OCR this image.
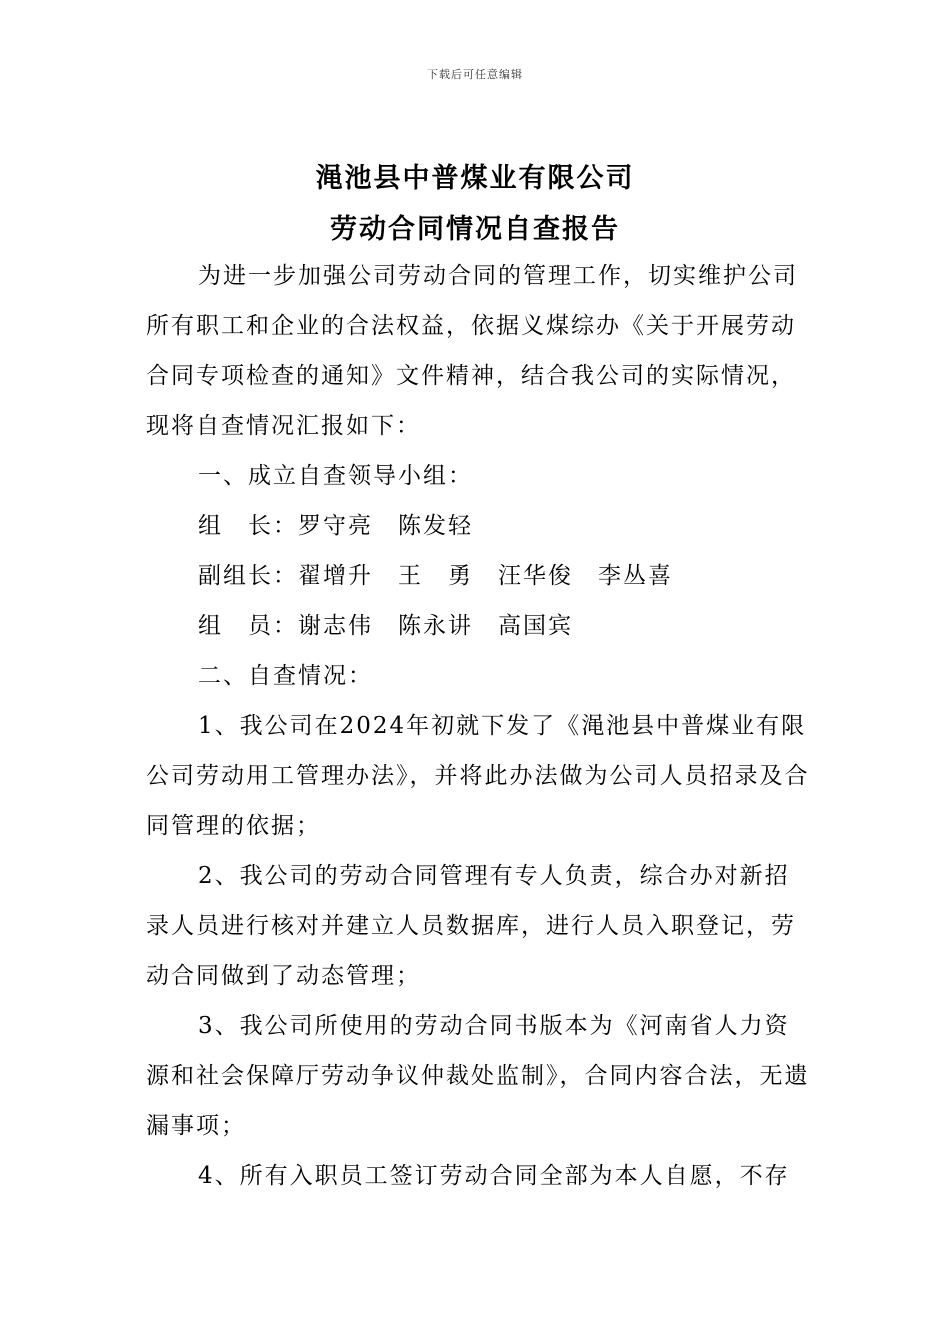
下载后可任意编辑
渑池县中普煤业有限公司
劳动合同情况自查报告

为进一步加强公司劳动合同的管理工作，切实维护公司所有职工和企业的合法权益，依据义煤综办《关于开展劳动合同专项检查的通知》文件精神，结合我公司的实际情况，现将自查情况汇报如下：

一、成立自查领导小组：
组　长：罗守亮　陈发轻
副组长：翟增升　王　勇　汪华俊　李丛喜
组　员：谢志伟　陈永讲　高国宾
二、自查情况：

1、我公司在2024年初就下发了《渑池县中普煤业有限公司劳动用工管理办法》，并将此办法做为公司人员招录及合同管理的依据；

2、我公司的劳动合同管理有专人负责，综合办对新招录人员进行核对并建立人员数据库，进行人员入职登记，劳动合同做到了动态管理；

3、我公司所使用的劳动合同书版本为《河南省人力资源和社会保障厅劳动争议仲裁处监制》，合同内容合法，无遗漏事项；

4、所有入职员工签订劳动合同全部为本人自愿，不存
